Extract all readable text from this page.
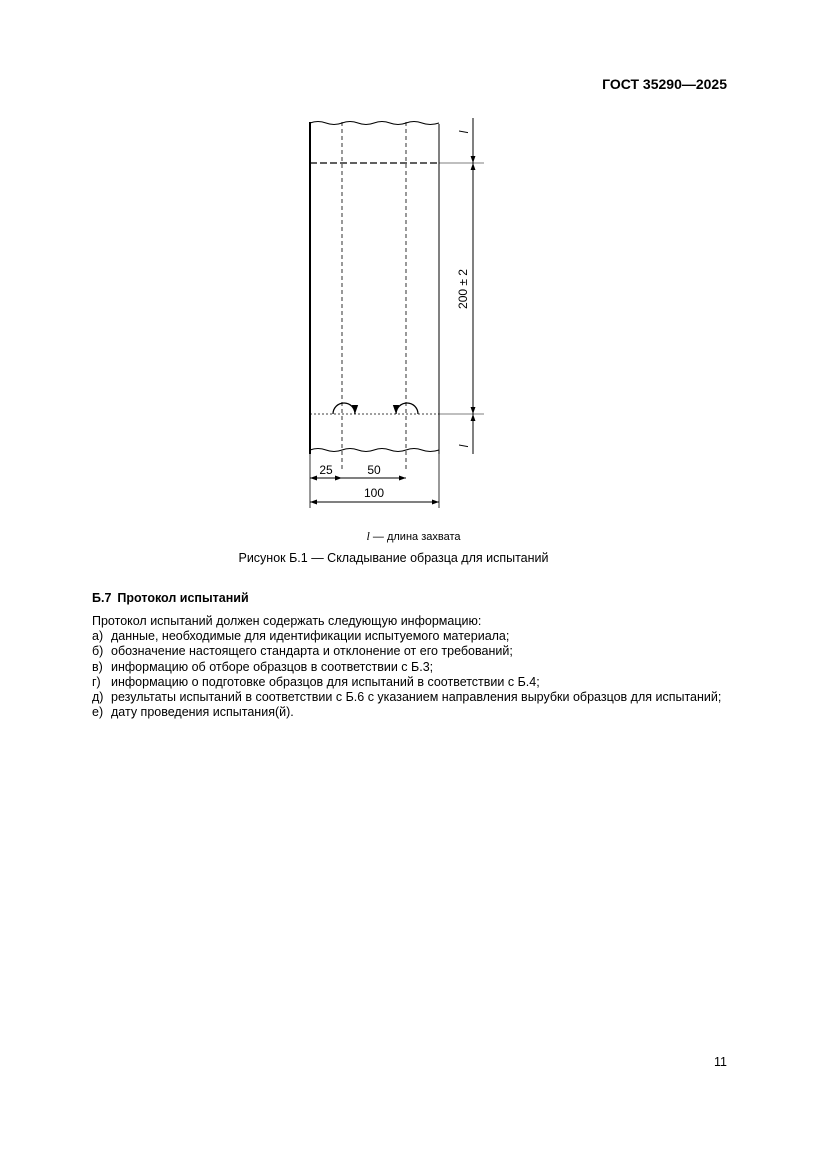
ГОСТ 35290—2025
l
200 ± 2
l
25	50
100
l — длина захвата
Рисунок Б.1 — Складывание образца для испытаний
Б.7 Протокол испытаний

Протокол испытаний должен содержать следующую информацию:

а) данные, необходимые для идентификации испытуемого материала;

б) обозначение настоящего стандарта и отклонение от его требований;

в) информацию об отборе образцов в соответствии с Б.3;

г) информацию о подготовке образцов для испытаний в соответствии с Б.4;

д) результаты испытаний в соответствии с Б.6 с указанием направления вырубки образцов для испытаний;

е) дату проведения испытания(й).

11
